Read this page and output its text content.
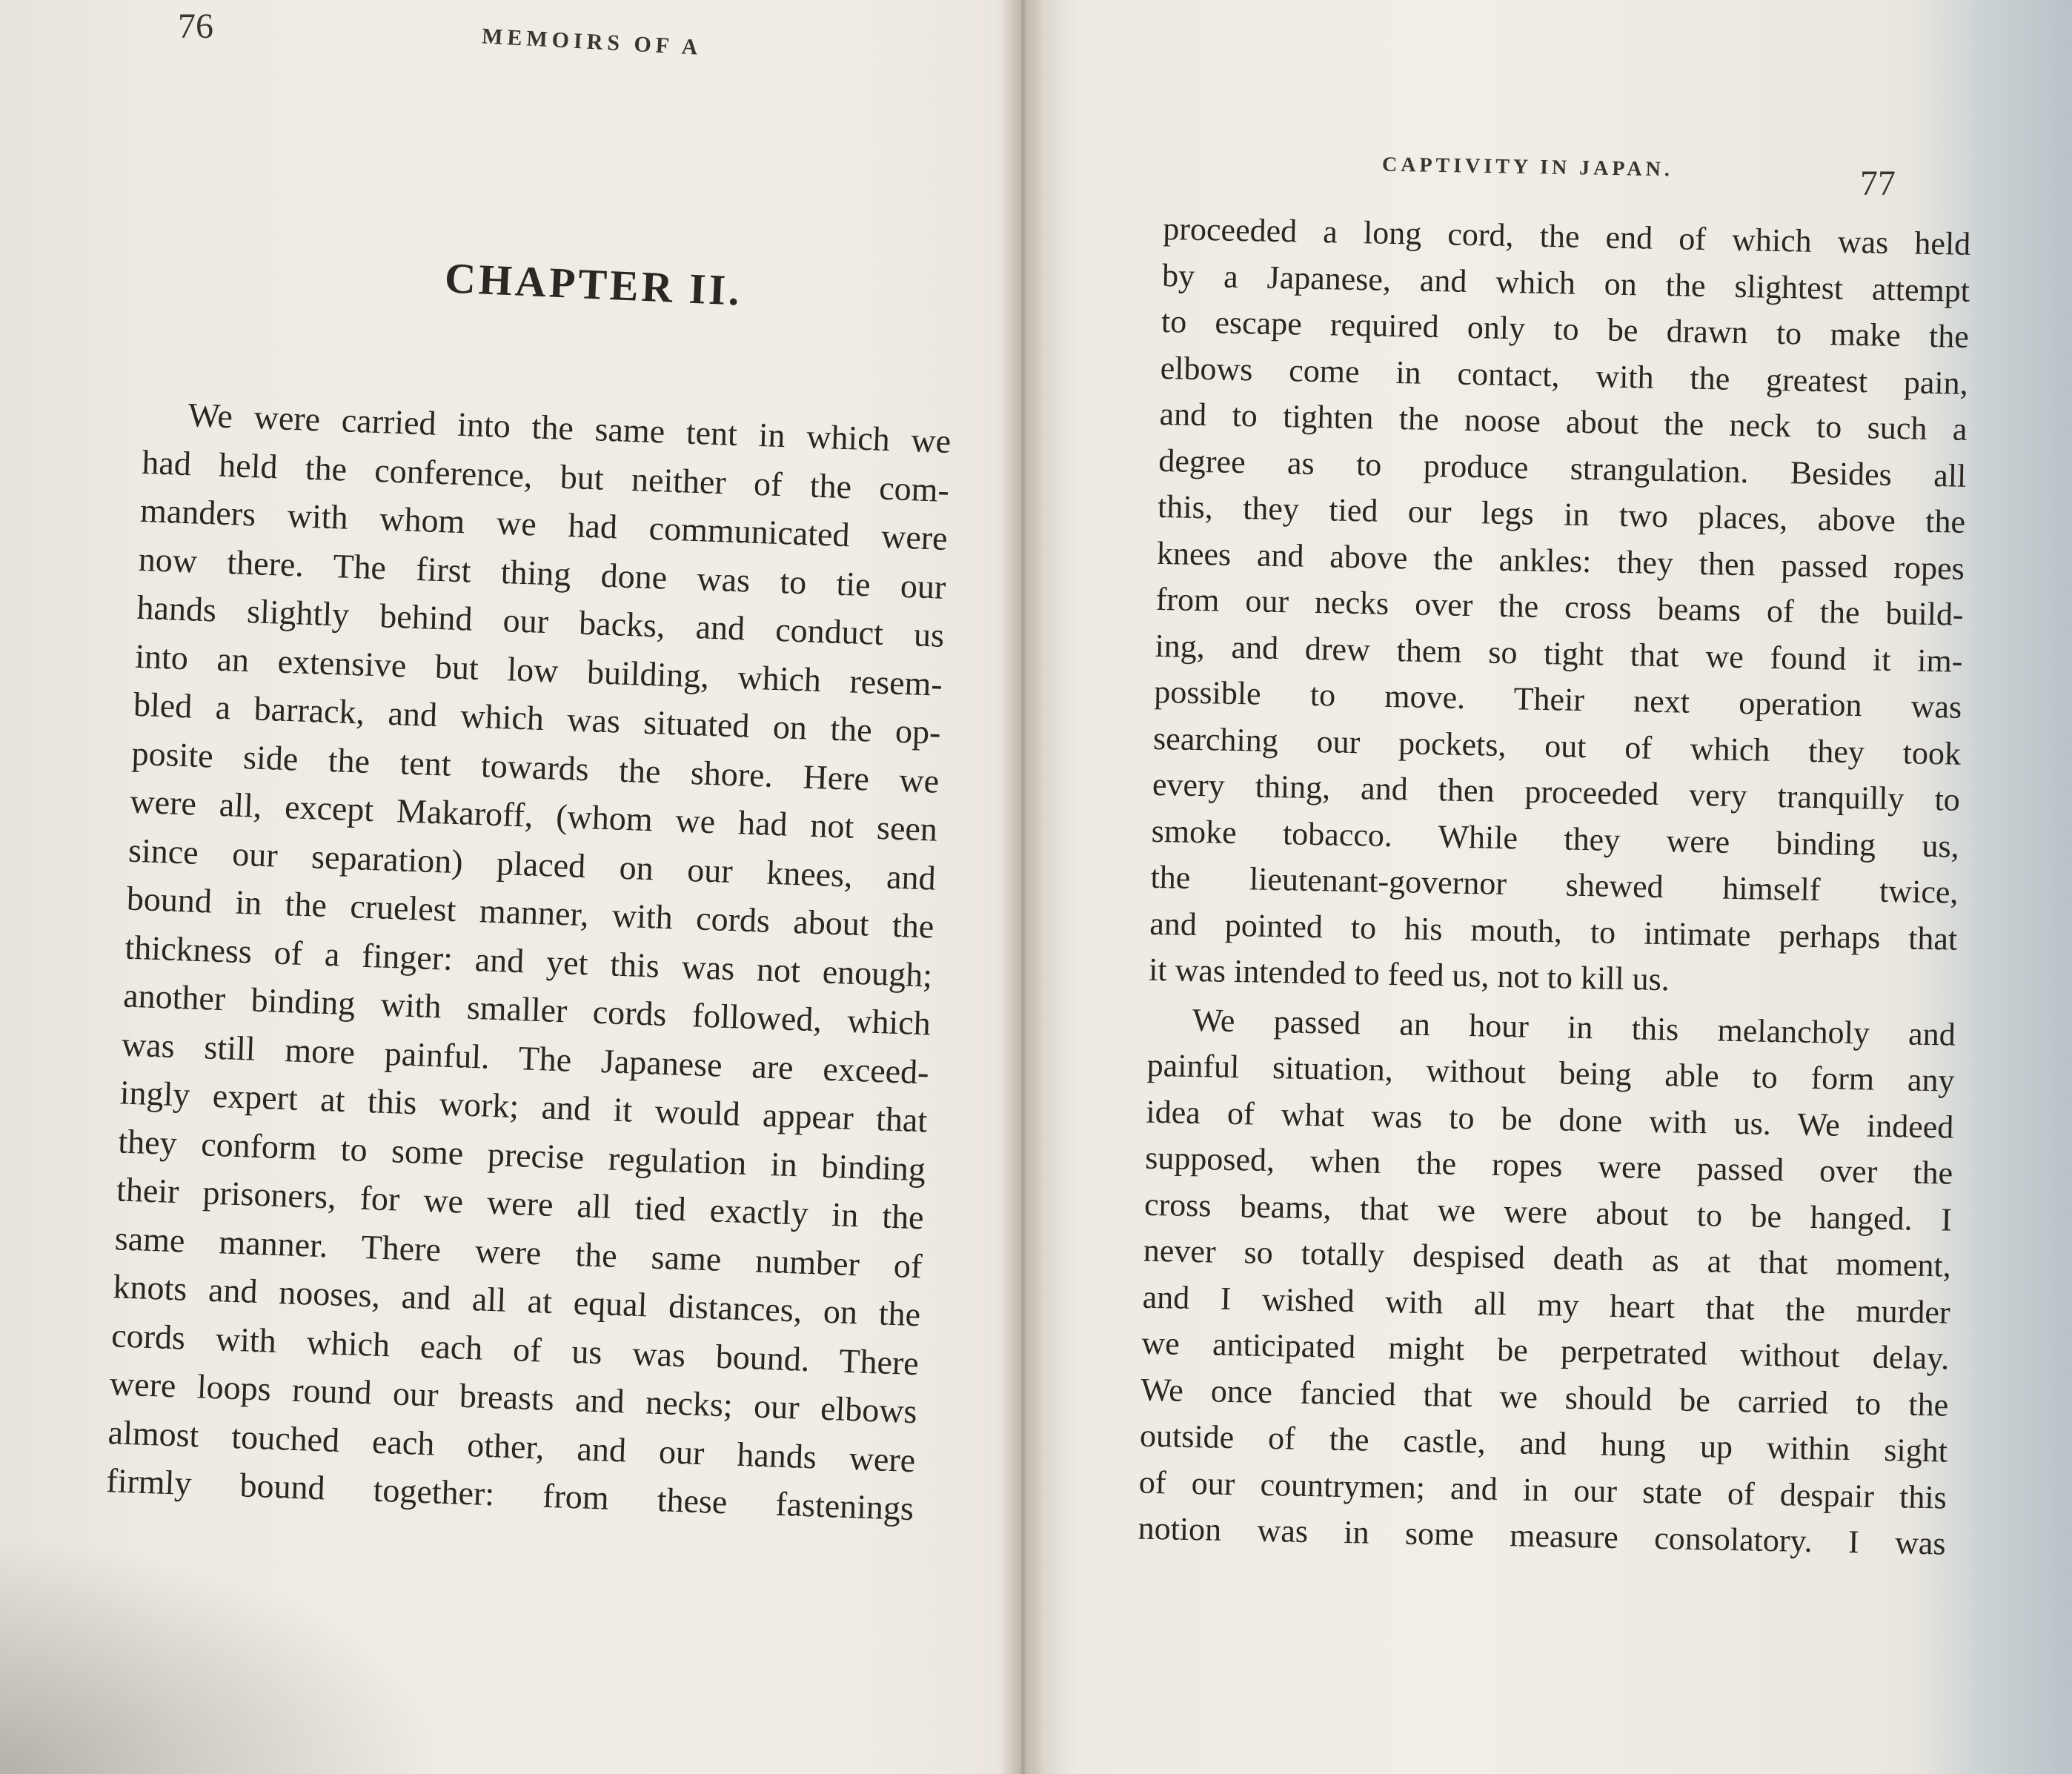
76	MEMOIRS OF A
CHAPTER II.
We were carried into the same tent in which we
had held the conference, but neither of the com-
manders with whom we had communicated were
now there. The first thing done was to tie our
hands slightly behind our backs, and conduct us
into an extensive but low building, which resem-
bled a barrack, and which was situated on the op-
posite side the tent towards the shore. Here we
were all, except Makaroff, (whom we had not seen
since our separation) placed on our knees, and
bound in the cruelest manner, with cords about the
thickness of a finger: and yet this was not enough;
another binding with smaller cords followed, which
was still more painful. The Japanese are exceed-
ingly expert at this work; and it would appear that
they conform to some precise regulation in binding
their prisoners, for we were all tied exactly in the
same manner. There were the same number of
knots and nooses, and all at equal distances, on the
cords with which each of us was bound. There
were loops round our breasts and necks; our elbows
almost touched each other, and our hands were
firmly bound together: from these fastenings
CAPTIVITY IN JAPAN.	77
proceeded a long cord, the end of which was held
by a Japanese, and which on the slightest attempt
to escape required only to be drawn to make the
elbows come in contact, with the greatest pain,
and to tighten the noose about the neck to such a
degree as to produce strangulation. Besides all
this, they tied our legs in two places, above the
knees and above the ankles: they then passed ropes
from our necks over the cross beams of the build-
ing, and drew them so tight that we found it im-
possible to move. Their next operation was
searching our pockets, out of which they took
every thing, and then proceeded very tranquilly to
smoke tobacco. While they were binding us,
the lieutenant-governor shewed himself twice,
and pointed to his mouth, to intimate perhaps that
it was intended to feed us, not to kill us.
We passed an hour in this melancholy and
painful situation, without being able to form any
idea of what was to be done with us. We indeed
supposed, when the ropes were passed over the
cross beams, that we were about to be hanged. I
never so totally despised death as at that moment,
and I wished with all my heart that the murder
we anticipated might be perpetrated without delay.
We once fancied that we should be carried to the
outside of the castle, and hung up within sight
of our countrymen; and in our state of despair this
notion was in some measure consolatory. I was
